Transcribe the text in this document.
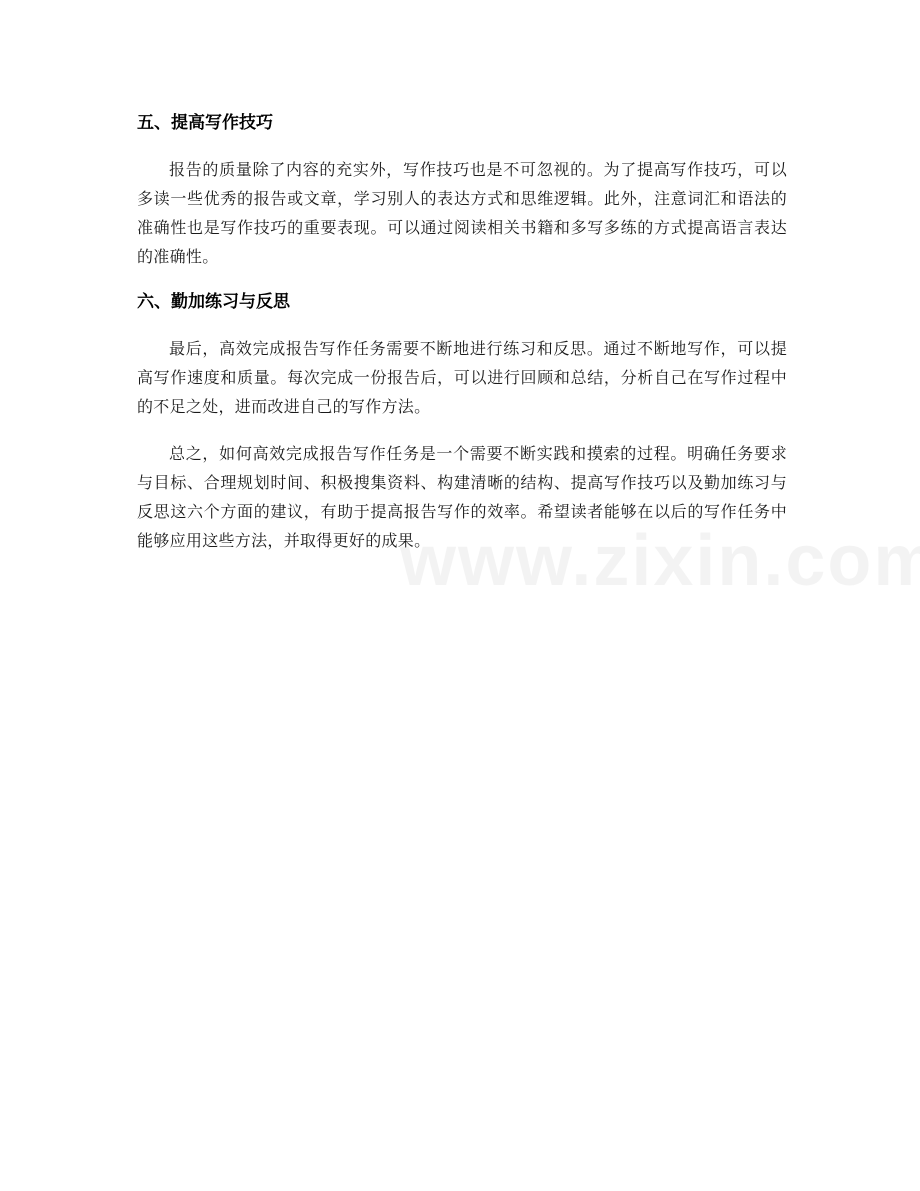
五、提高写作技巧

报告的质量除了内容的充实外，写作技巧也是不可忽视的。为了提高写作技巧，可以多读一些优秀的报告或文章，学习别人的表达方式和思维逻辑。此外，注意词汇和语法的准确性也是写作技巧的重要表现。可以通过阅读相关书籍和多写多练的方式提高语言表达的准确性。

六、勤加练习与反思

最后，高效完成报告写作任务需要不断地进行练习和反思。通过不断地写作，可以提高写作速度和质量。每次完成一份报告后，可以进行回顾和总结，分析自己在写作过程中的不足之处，进而改进自己的写作方法。

总之，如何高效完成报告写作任务是一个需要不断实践和摸索的过程。明确任务要求与目标、合理规划时间、积极搜集资料、构建清晰的结构、提高写作技巧以及勤加练习与反思这六个方面的建议，有助于提高报告写作的效率。希望读者能够在以后的写作任务中能够应用这些方法，并取得更好的成果。
